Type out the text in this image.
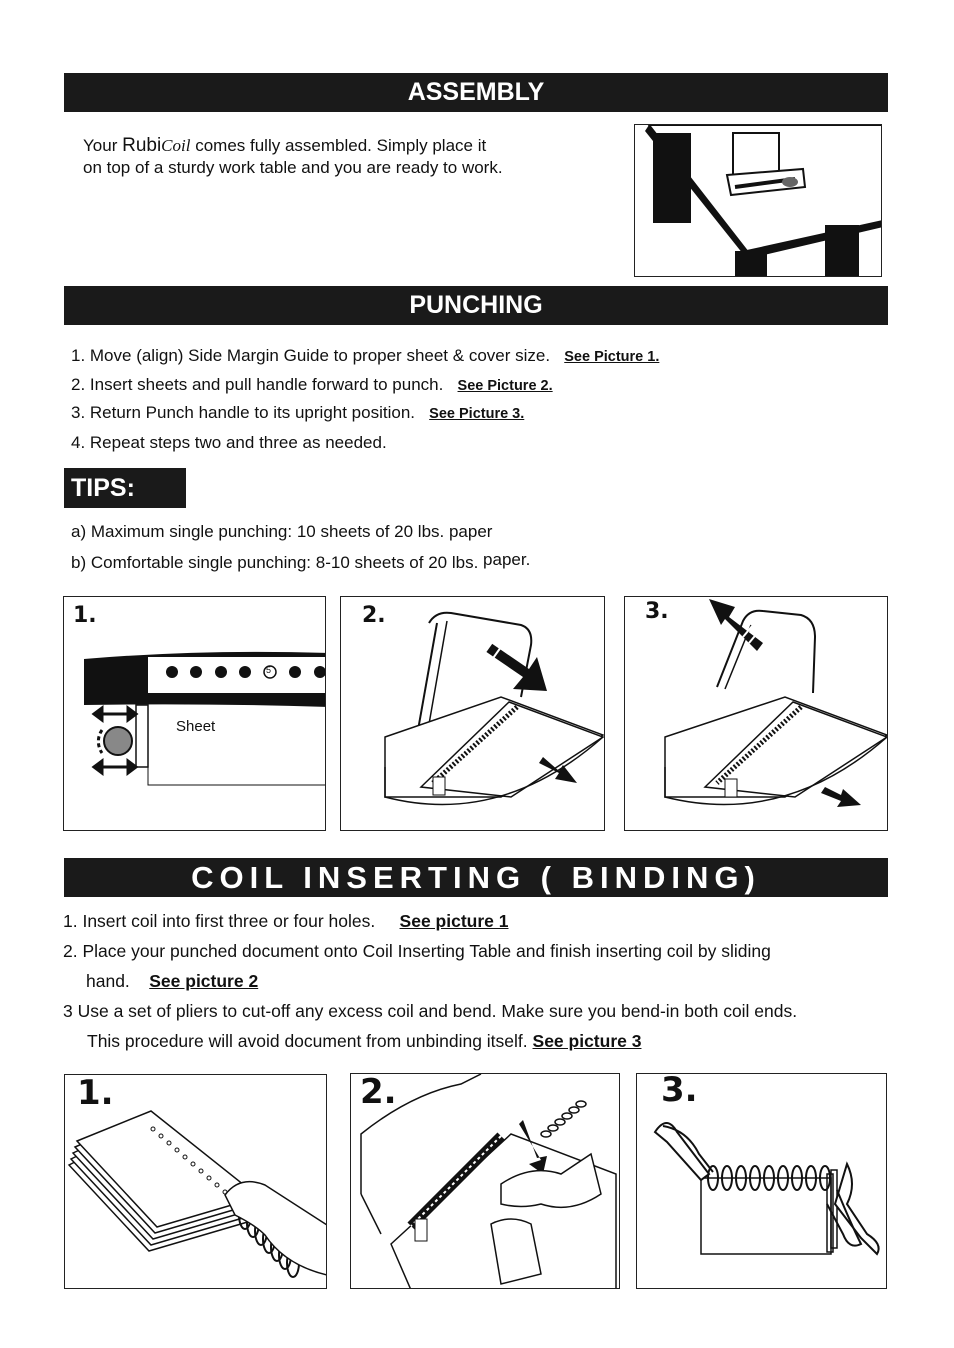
ASSEMBLY
Your RubiCoil comes fully assembled. Simply place it
on top of a sturdy work table and you are ready to work.
PUNCHING
1. Move (align) Side Margin Guide to proper sheet & cover size. See Picture 1.
2. Insert sheets and pull handle forward to punch. See Picture 2.
3. Return Punch handle to its upright position. See Picture 3.
4. Repeat steps two and three as needed.
TIPS:
a) Maximum single punching: 10 sheets of 20 lbs. paper
b) Comfortable single punching: 8-10 sheets of 20 lbs. paper.
1.
Sheet
5
2.	3.
COIL INSERTING ( BINDING)
1. Insert coil into first three or four holes. See picture 1
2. Place your punched document onto Coil Inserting Table and finish inserting coil by sliding
hand. See picture 2
3 Use a set of pliers to cut-off any excess coil and bend. Make sure you bend-in both coil ends.
This procedure will avoid document from unbinding itself. See picture 3
1.	2.	3.
